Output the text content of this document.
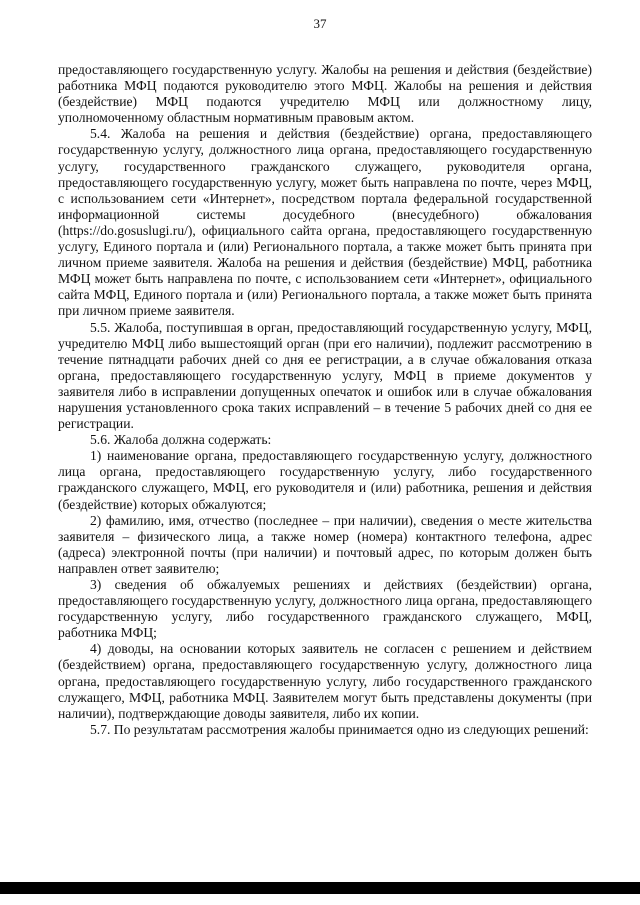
37

предоставляющего государственную услугу. Жалобы на решения и действия (бездействие) работника МФЦ подаются руководителю этого МФЦ. Жалобы на решения и действия (бездействие) МФЦ подаются учредителю МФЦ или должностному лицу, уполномоченному областным нормативным правовым актом.

5.4. Жалоба на решения и действия (бездействие) органа, предоставляющего государственную услугу, должностного лица органа, предоставляющего государственную услугу, государственного гражданского служащего, руководителя органа, предоставляющего государственную услугу, может быть направлена по почте, через МФЦ, с использованием сети «Интернет», посредством портала федеральной государственной информационной системы досудебного (внесудебного) обжалования (https://do.gosuslugi.ru/), официального сайта органа, предоставляющего государственную услугу, Единого портала и (или) Регионального портала, а также может быть принята при личном приеме заявителя. Жалоба на решения и действия (бездействие) МФЦ, работника МФЦ может быть направлена по почте, с использованием сети «Интернет», официального сайта МФЦ, Единого портала и (или) Регионального портала, а также может быть принята при личном приеме заявителя.

5.5. Жалоба, поступившая в орган, предоставляющий государственную услугу, МФЦ, учредителю МФЦ либо вышестоящий орган (при его наличии), подлежит рассмотрению в течение пятнадцати рабочих дней со дня ее регистрации, а в случае обжалования отказа органа, предоставляющего государственную услугу, МФЦ в приеме документов у заявителя либо в исправлении допущенных опечаток и ошибок или в случае обжалования нарушения установленного срока таких исправлений – в течение 5 рабочих дней со дня ее регистрации.

5.6. Жалоба должна содержать:

1) наименование органа, предоставляющего государственную услугу, должностного лица органа, предоставляющего государственную услугу, либо государственного гражданского служащего, МФЦ, его руководителя и (или) работника, решения и действия (бездействие) которых обжалуются;

2) фамилию, имя, отчество (последнее – при наличии), сведения о месте жительства заявителя – физического лица, а также номер (номера) контактного телефона, адрес (адреса) электронной почты (при наличии) и почтовый адрес, по которым должен быть направлен ответ заявителю;

3) сведения об обжалуемых решениях и действиях (бездействии) органа, предоставляющего государственную услугу, должностного лица органа, предоставляющего государственную услугу, либо государственного гражданского служащего, МФЦ, работника МФЦ;

4) доводы, на основании которых заявитель не согласен с решением и действием (бездействием) органа, предоставляющего государственную услугу, должностного лица органа, предоставляющего государственную услугу, либо государственного гражданского служащего, МФЦ, работника МФЦ. Заявителем могут быть представлены документы (при наличии), подтверждающие доводы заявителя, либо их копии.

5.7. По результатам рассмотрения жалобы принимается одно из следующих решений:
